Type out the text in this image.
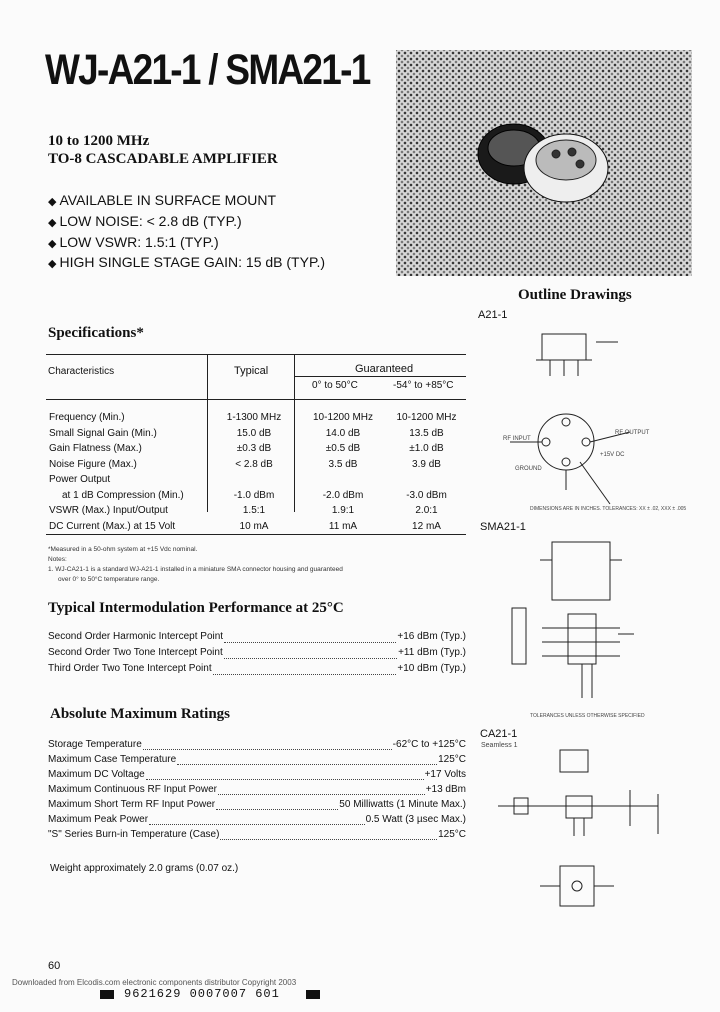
WJ-A21-1 / SMA21-1
10 to 1200 MHz
TO-8 CASCADABLE AMPLIFIER
◆ AVAILABLE IN SURFACE MOUNT
◆ LOW NOISE: < 2.8 dB (TYP.)
◆ LOW VSWR: 1.5:1 (TYP.)
◆ HIGH SINGLE STAGE GAIN: 15 dB (TYP.)
Specifications*
Characteristics	Typical	Guaranteed
0° to 50°C	-54° to +85°C
Frequency (Min.)	1-1300 MHz	10-1200 MHz	10-1200 MHz
Small Signal Gain (Min.)	15.0 dB	14.0 dB	13.5 dB
Gain Flatness (Max.)	±0.3 dB	±0.5 dB	±1.0 dB
Noise Figure (Max.)	< 2.8 dB	3.5 dB	3.9 dB
Power Output			
at 1 dB Compression (Min.)	-1.0 dBm	-2.0 dBm	-3.0 dBm
VSWR (Max.) Input/Output	1.5:1	1.9:1	2.0:1
DC Current (Max.) at 15 Volt	10 mA	11 mA	12 mA
*Measured in a 50-ohm system at +15 Vdc nominal.
Notes:
1. WJ-CA21-1 is a standard WJ-A21-1 installed in a miniature SMA connector housing and guaranteed
over 0° to 50°C temperature range.
Typical Intermodulation Performance at 25°C
Second Order Harmonic Intercept Point	+16 dBm (Typ.)
Second Order Two Tone Intercept Point	+11 dBm (Typ.)
Third Order Two Tone Intercept Point	+10 dBm (Typ.)
Absolute Maximum Ratings
Storage Temperature	-62°C to +125°C
Maximum Case Temperature	125°C
Maximum DC Voltage	+17 Volts
Maximum Continuous RF Input Power	+13 dBm
Maximum Short Term RF Input Power	50 Milliwatts (1 Minute Max.)
Maximum Peak Power	0.5 Watt (3 µsec Max.)
"S" Series Burn-in Temperature (Case)	125°C
Weight approximately 2.0 grams (0.07 oz.)
Outline Drawings
A21-1
RF INPUT
RF OUTPUT
GROUND
+15V DC
DIMENSIONS ARE IN INCHES. TOLERANCES: XX ± .02, XXX ± .005
SMA21-1
TOLERANCES UNLESS OTHERWISE SPECIFIED
CA21-1
Seamless 1
60
Downloaded from Elcodis.com electronic components distributor Copyright 2003
9621629 0007007 601
